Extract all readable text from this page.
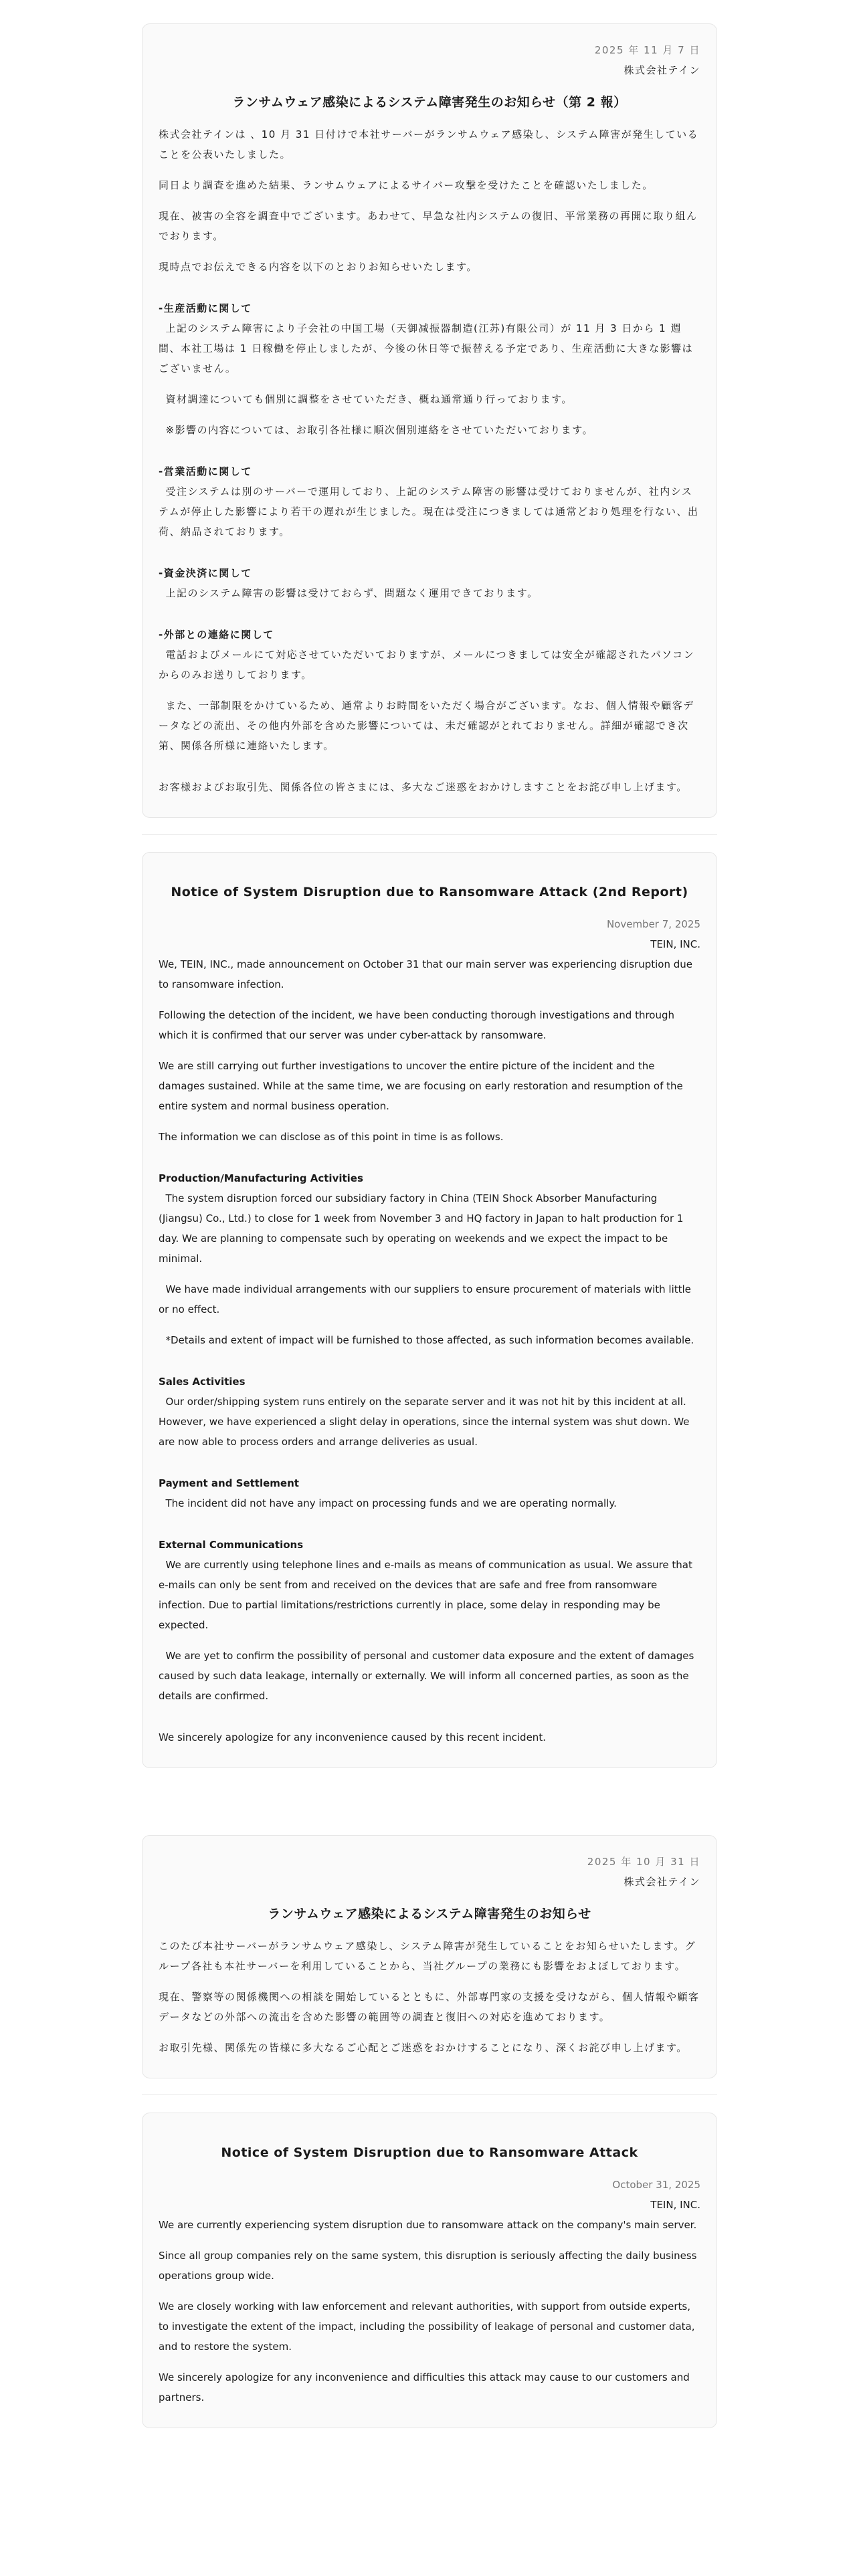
2025 年 11 月 7 日
株式会社テイン
ランサムウェア感染によるシステム障害発生のお知らせ（第 2 報）

株式会社テインは 、10 月 31 日付けで本社サーバーがランサムウェア感染し、システム障害が発生していることを公表いたしました。

同日より調査を進めた結果、ランサムウェアによるサイバー攻撃を受けたことを確認いたしました。

現在、被害の全容を調査中でございます。あわせて、早急な社内システムの復旧、平常業務の再開に取り組んでおります。

現時点でお伝えできる内容を以下のとおりお知らせいたします。

-生産活動に関して

上記のシステム障害により子会社の中国工場（天御减振器制造(江苏)有限公司）が 11 月 3 日から 1 週間、本社工場は 1 日稼働を停止しましたが、今後の休日等で振替える予定であり、生産活動に大きな影響はございません。

資材調達についても個別に調整をさせていただき、概ね通常通り行っております。

※影響の内容については、お取引各社様に順次個別連絡をさせていただいております。

-営業活動に関して

受注システムは別のサーバーで運用しており、上記のシステム障害の影響は受けておりませんが、社内システムが停止した影響により若干の遅れが生じました。現在は受注につきましては通常どおり処理を行ない、出荷、納品されております。

-資金決済に関して

上記のシステム障害の影響は受けておらず、問題なく運用できております。

-外部との連絡に関して

電話およびメールにて対応させていただいておりますが、メールにつきましては安全が確認されたパソコンからのみお送りしております。

また、一部制限をかけているため、通常よりお時間をいただく場合がございます。なお、個人情報や顧客データなどの流出、その他内外部を含めた影響については、未だ確認がとれておりません。詳細が確認でき次第、関係各所様に連絡いたします。

お客様およびお取引先、関係各位の皆さまには、多大なご迷惑をおかけしますことをお詫び申し上げます。

Notice of System Disruption due to Ransomware Attack (2nd Report)
November 7, 2025
TEIN, INC.

We, TEIN, INC., made announcement on October 31 that our main server was experiencing disruption due to ransomware infection.

Following the detection of the incident, we have been conducting thorough investigations and through which it is confirmed that our server was under cyber-attack by ransomware.

We are still carrying out further investigations to uncover the entire picture of the incident and the damages sustained. While at the same time, we are focusing on early restoration and resumption of the entire system and normal business operation.

The information we can disclose as of this point in time is as follows.

Production/Manufacturing Activities

The system disruption forced our subsidiary factory in China (TEIN Shock Absorber Manufacturing (Jiangsu) Co., Ltd.) to close for 1 week from November 3 and HQ factory in Japan to halt production for 1 day. We are planning to compensate such by operating on weekends and we expect the impact to be minimal.

We have made individual arrangements with our suppliers to ensure procurement of materials with little or no effect.

*Details and extent of impact will be furnished to those affected, as such information becomes available.

Sales Activities

Our order/shipping system runs entirely on the separate server and it was not hit by this incident at all. However, we have experienced a slight delay in operations, since the internal system was shut down. We are now able to process orders and arrange deliveries as usual.

Payment and Settlement

The incident did not have any impact on processing funds and we are operating normally.

External Communications

We are currently using telephone lines and e-mails as means of communication as usual. We assure that e-mails can only be sent from and received on the devices that are safe and free from ransomware infection. Due to partial limitations/restrictions currently in place, some delay in responding may be expected.

We are yet to confirm the possibility of personal and customer data exposure and the extent of damages caused by such data leakage, internally or externally. We will inform all concerned parties, as soon as the details are confirmed.

We sincerely apologize for any inconvenience caused by this recent incident.

2025 年 10 月 31 日
株式会社テイン
ランサムウェア感染によるシステム障害発生のお知らせ

このたび本社サーバーがランサムウェア感染し、システム障害が発生していることをお知らせいたします。グループ各社も本社サーバーを利用していることから、当社グループの業務にも影響をおよぼしております。

現在、警察等の関係機関への相談を開始しているとともに、外部専門家の支援を受けながら、個人情報や顧客データなどの外部への流出を含めた影響の範囲等の調査と復旧への対応を進めております。

お取引先様、関係先の皆様に多大なるご心配とご迷惑をおかけすることになり、深くお詫び申し上げます。

Notice of System Disruption due to Ransomware Attack
October 31, 2025
TEIN, INC.

We are currently experiencing system disruption due to ransomware attack on the company's main server.

Since all group companies rely on the same system, this disruption is seriously affecting the daily business operations group wide.

We are closely working with law enforcement and relevant authorities, with support from outside experts, to investigate the extent of the impact, including the possibility of leakage of personal and customer data, and to restore the system.

We sincerely apologize for any inconvenience and difficulties this attack may cause to our customers and partners.
